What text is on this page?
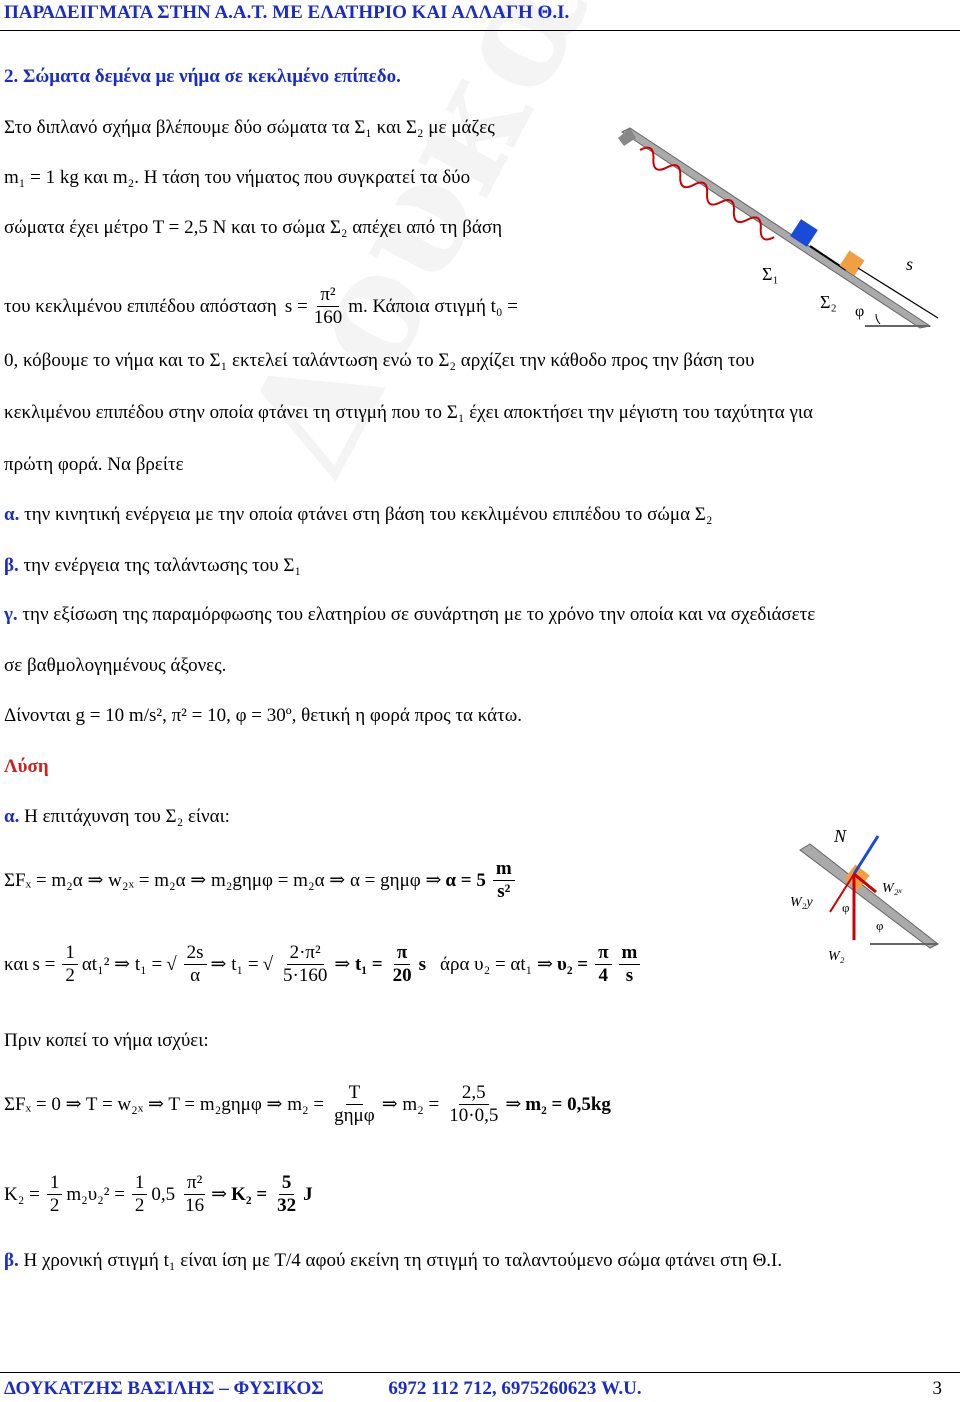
ΠΑΡΑΔΕΙΓΜΑΤΑ ΣΤΗΝ Α.Α.Τ. ΜΕ ΕΛΑΤΗΡΙΟ ΚΑΙ ΑΛΛΑΓΗ Θ.Ι.
2. Σώματα δεμένα με νήμα σε κεκλιμένο επίπεδο.
Στο διπλανό σχήμα βλέπουμε δύο σώματα τα Σ₁ και Σ₂ με μάζες
m₁ = 1 kg και m₂. Η τάση του νήματος που συγκρατεί τα δύο
σώματα έχει μέτρο Τ = 2,5 Ν και το σώμα Σ₂ απέχει από τη βάση
του κεκλιμένου επιπέδου απόσταση $s = \frac{\text{π²}}{160} m$. Κάποια στιγμή t₀ =
0, κόβουμε το νήμα και το Σ₁ εκτελεί ταλάντωση ενώ το Σ₂ αρχίζει την κάθοδο προς την βάση του
κεκλιμένου επιπέδου στην οποία φτάνει τη στιγμή που το Σ₁ έχει αποκτήσει την μέγιστη του ταχύτητα για
πρώτη φορά. Να βρείτε
α. την κινητική ενέργεια με την οποία φτάνει στη βάση του κεκλιμένου επιπέδου το σώμα Σ₂
β. την ενέργεια της ταλάντωσης του Σ₁
γ. την εξίσωση της παραμόρφωσης του ελατηρίου σε συνάρτηση με το χρόνο την οποία και να σχεδιάσετε
σε βαθμολογημένους άξονες.
Δίνονται g = 10 m/s², π² = 10, φ = 30º, θετική η φορά προς τα κάτω.
Λύση
α. Η επιτάχυνση του Σ₂ είναι:
ΣFₓ = m₂α ⇒ w₂ₓ = m₂α ⇒ m₂gημφ = m₂α ⇒ α = gημφ ⇒ $\alpha = 5 \frac{m}{\text{s²}}$
και $s = \frac{1}{2} \alpha t_1^2$ ⇒ t₁ = √ $\frac{2s}{\alpha}$ ⇒ t₁ = √ $\frac{\text{2·π²}}{5\cdot 160}$ ⇒ $t_1 = \frac{\pi}{20}$ s άρα υ₂ = αt₁ ⇒ $\upsilon_2 = \frac{\pi}{4} \frac{m}{s}$
Πριν κοπεί το νήμα ισχύει:
ΣFₓ = 0 ⇒ T = w₂ₓ ⇒ T = m₂gημφ ⇒ $m_2 = \frac{T}{\text{gημφ}}$ ⇒ $m_2 = \frac{2,5}{10\cdot 0,5}$ ⇒ m₂ = 0,5kg
$K_2 = \frac{1}{2} m_2\upsilon_2^2 = \frac{1}{2} 0,5 \frac{\text{π²}}{16}$ ⇒ $K_2 = \frac{5}{32}$ J
β. Η χρονική στιγμή t₁ είναι ίση με Τ/4 αφού εκείνη τη στιγμή το ταλαντούμενο σώμα φτάνει στη Θ.Ι.
Σ₁
Σ₂
s
φ
N
W₂ₓ
W₂y
W₂
φ
φ
ΔΟΥΚΑΤΖΗΣ ΒΑΣΙΛΗΣ – ΦΥΣΙΚΟΣ	6972 112 712, 6975260623 W.U.	3
